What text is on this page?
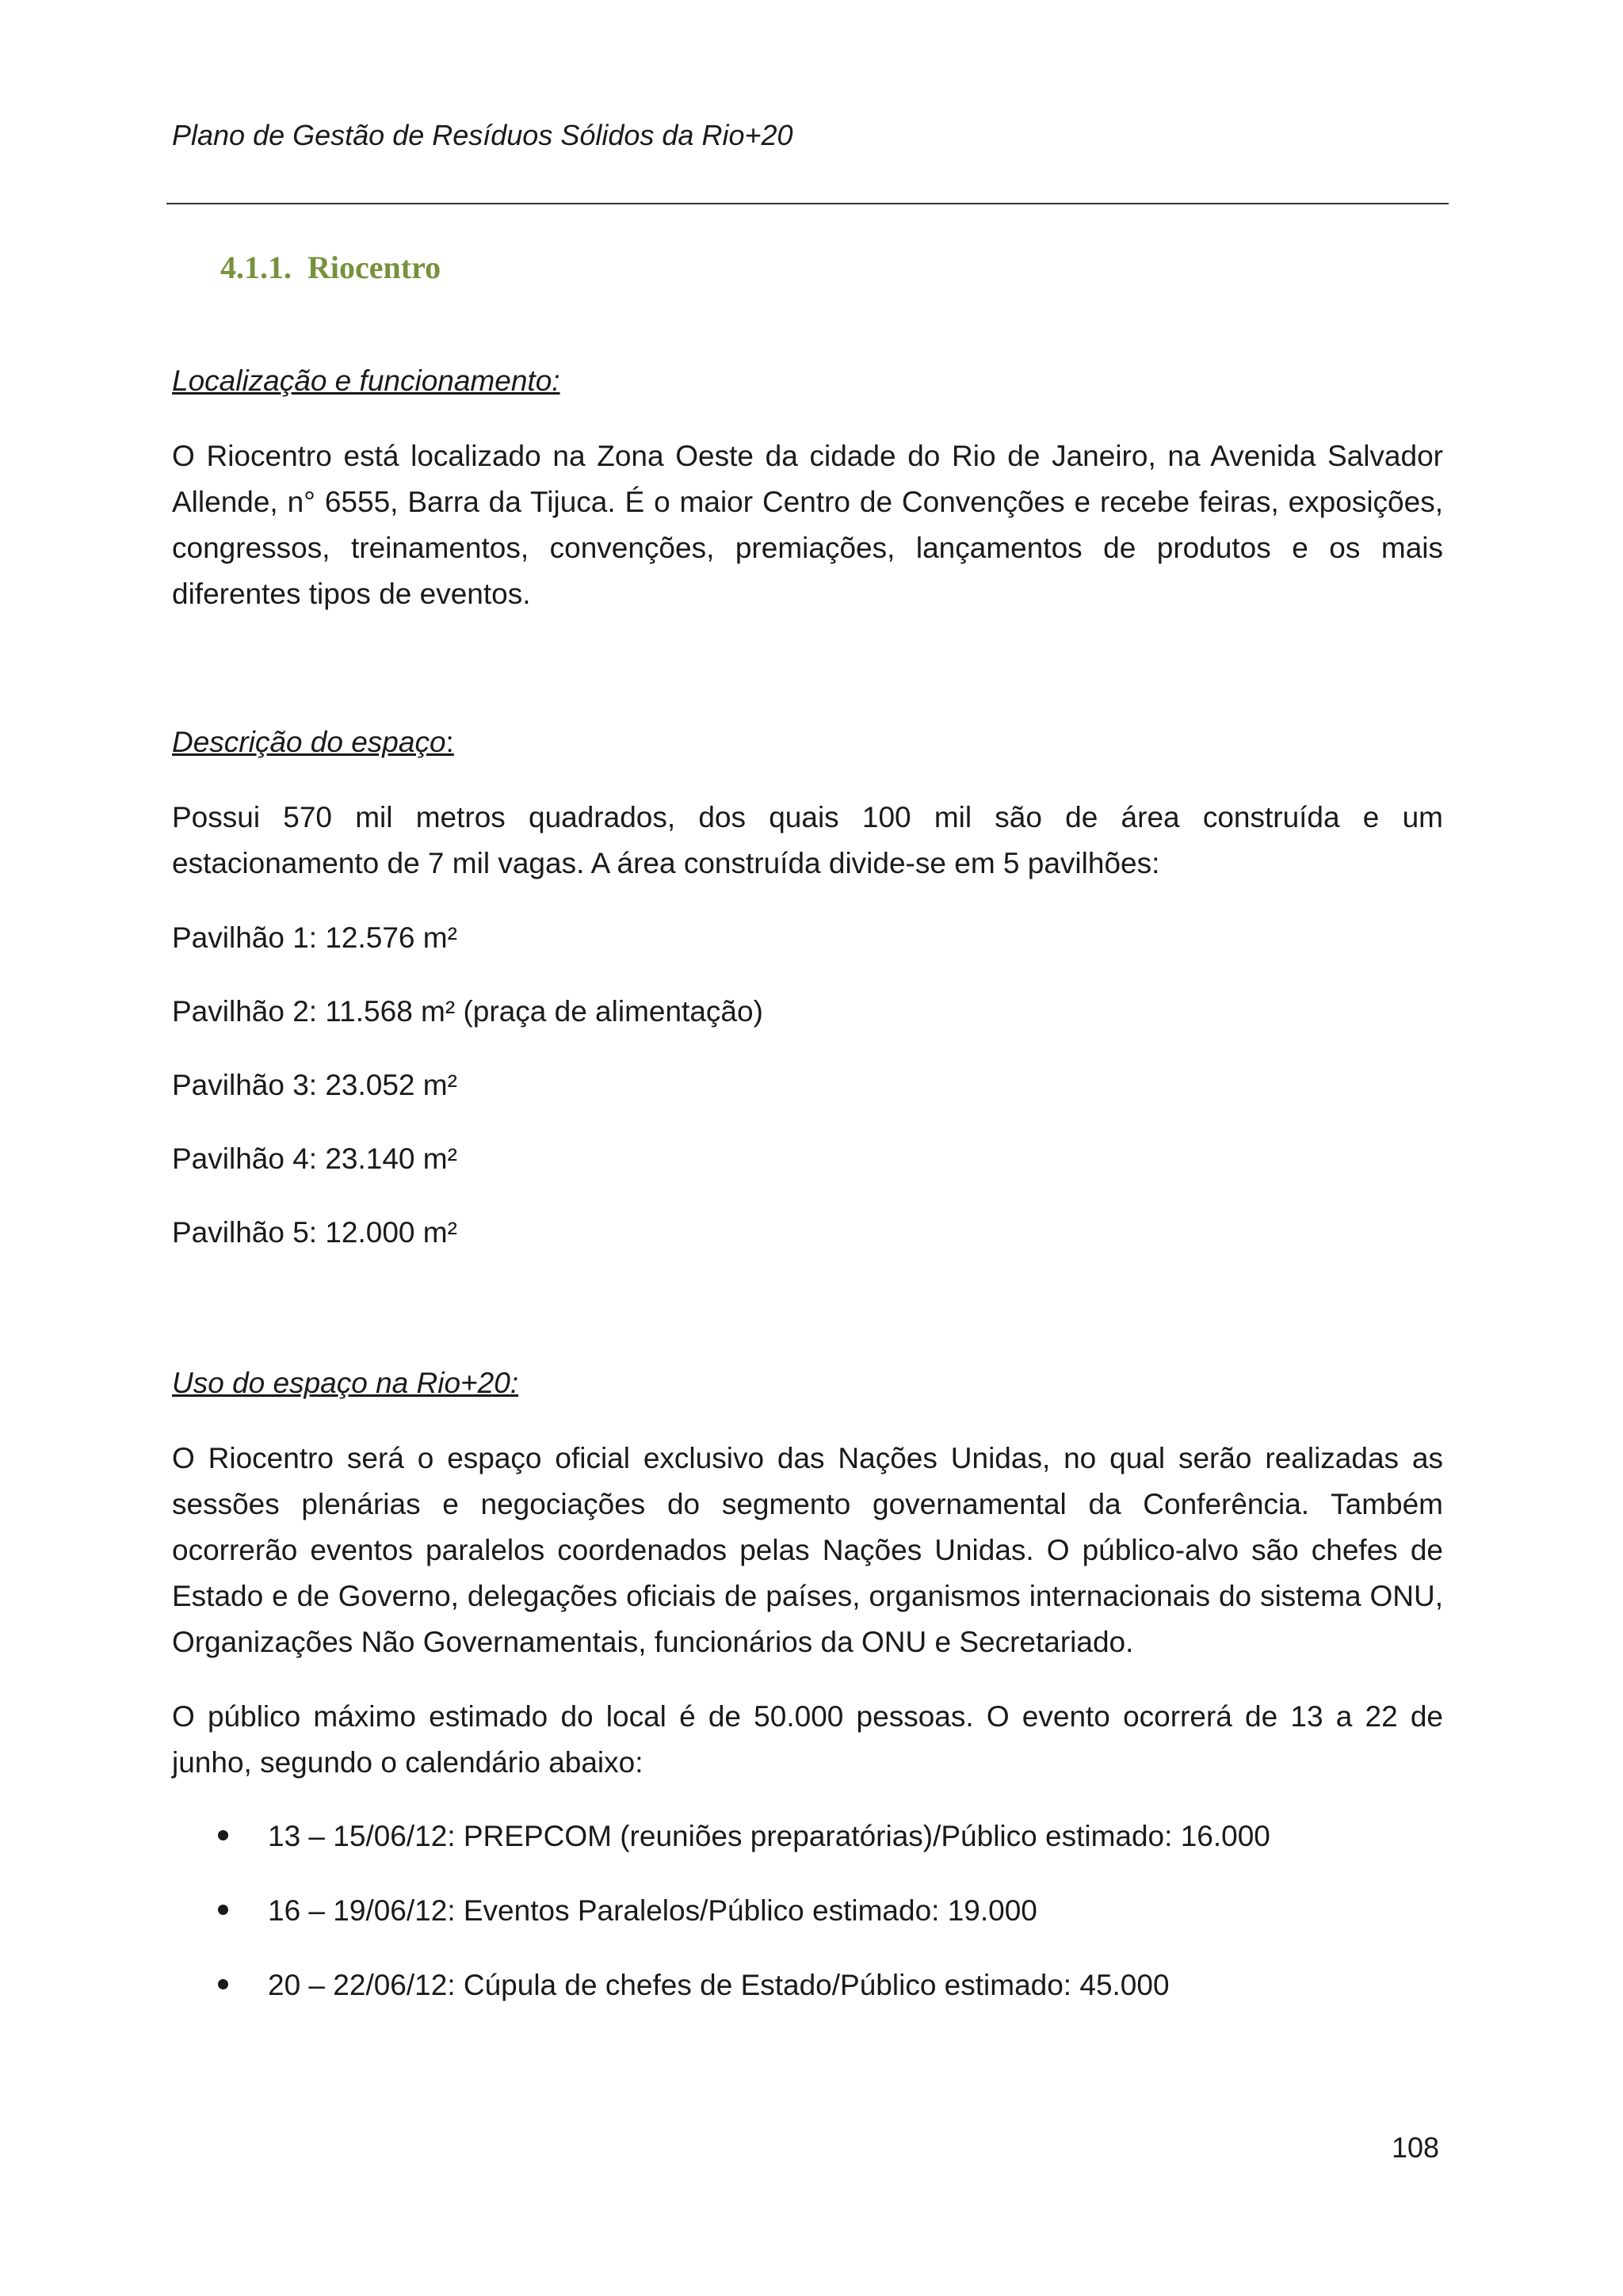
Plano de Gestão de Resíduos Sólidos da Rio+20
4.1.1. Riocentro
Localização e funcionamento:
O Riocentro está localizado na Zona Oeste da cidade do Rio de Janeiro, na Avenida Salvador Allende, n° 6555, Barra da Tijuca. É o maior Centro de Convenções e recebe feiras, exposições, congressos, treinamentos, convenções, premiações, lançamentos de produtos e os mais diferentes tipos de eventos.
Descrição do espaço:
Possui 570 mil metros quadrados, dos quais 100 mil são de área construída e um estacionamento de 7 mil vagas. A área construída divide-se em 5 pavilhões:
Pavilhão 1: 12.576 m²
Pavilhão 2: 11.568 m² (praça de alimentação)
Pavilhão 3: 23.052 m²
Pavilhão 4: 23.140 m²
Pavilhão 5: 12.000 m²
Uso do espaço na Rio+20:
O Riocentro será o espaço oficial exclusivo das Nações Unidas, no qual serão realizadas as sessões plenárias e negociações do segmento governamental da Conferência. Também ocorrerão eventos paralelos coordenados pelas Nações Unidas. O público-alvo são chefes de Estado e de Governo, delegações oficiais de países, organismos internacionais do sistema ONU, Organizações Não Governamentais, funcionários da ONU e Secretariado.
O público máximo estimado do local é de 50.000 pessoas. O evento ocorrerá de 13 a 22 de junho, segundo o calendário abaixo:
13 – 15/06/12: PREPCOM (reuniões preparatórias)/Público estimado: 16.000
16 – 19/06/12: Eventos Paralelos/Público estimado: 19.000
20 – 22/06/12: Cúpula de chefes de Estado/Público estimado: 45.000
108
